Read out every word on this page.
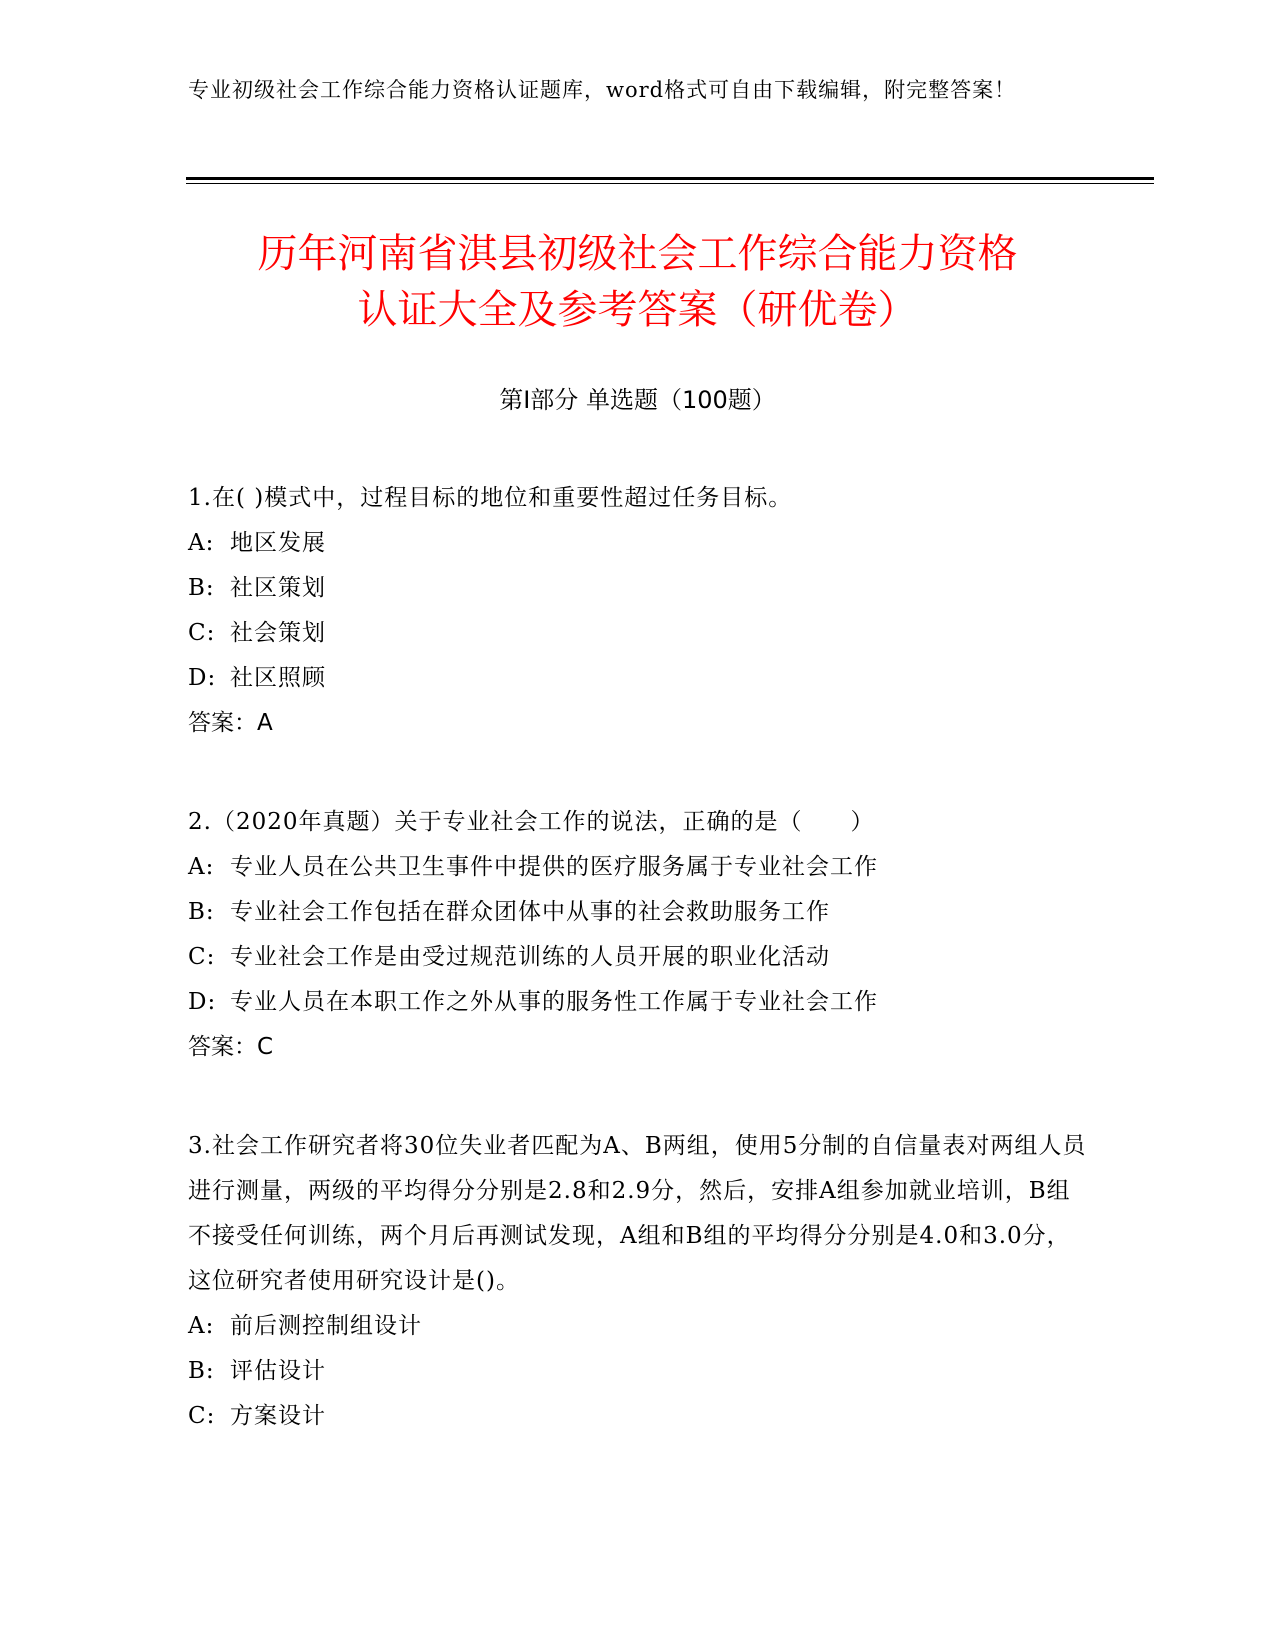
专业初级社会工作综合能力资格认证题库，word格式可自由下载编辑，附完整答案！
历年河南省淇县初级社会工作综合能力资格
认证大全及参考答案（研优卷）
第Ⅰ部分 单选题（100题）

1.在( )模式中，过程目标的地位和重要性超过任务目标。

A: 地区发展

B: 社区策划

C: 社会策划

D: 社区照顾

答案：A

2.（2020年真题）关于专业社会工作的说法，正确的是（　　）

A: 专业人员在公共卫生事件中提供的医疗服务属于专业社会工作

B: 专业社会工作包括在群众团体中从事的社会救助服务工作

C: 专业社会工作是由受过规范训练的人员开展的职业化活动

D: 专业人员在本职工作之外从事的服务性工作属于专业社会工作

答案：C

3.社会工作研究者将30位失业者匹配为A、B两组，使用5分制的自信量表对两组人员进行测量，两级的平均得分分别是2.8和2.9分，然后，安排A组参加就业培训，B组不接受任何训练，两个月后再测试发现，A组和B组的平均得分分别是4.0和3.0分，这位研究者使用研究设计是()。

A: 前后测控制组设计

B: 评估设计

C: 方案设计
